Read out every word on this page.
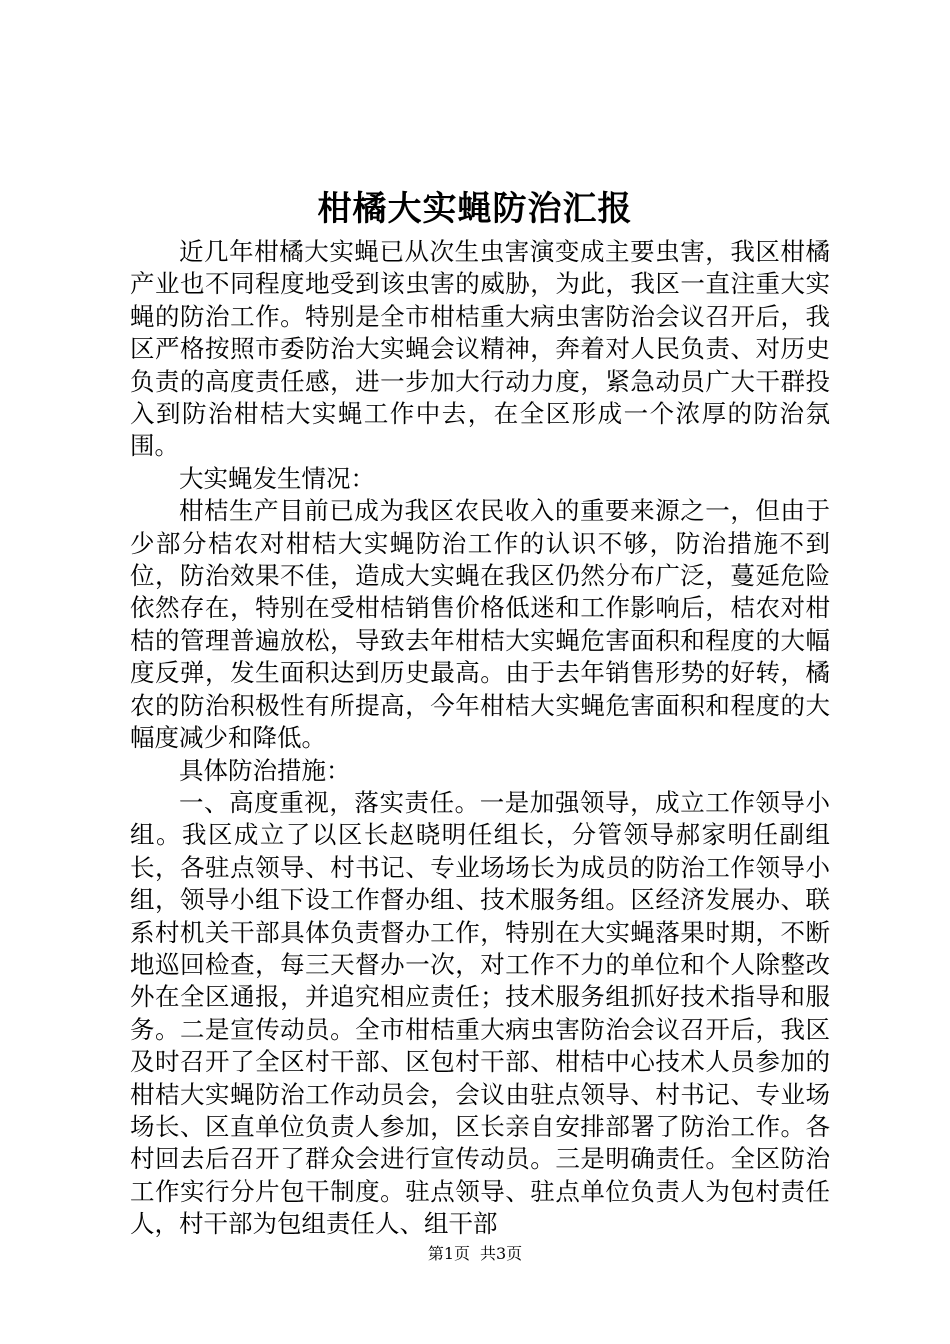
柑橘大实蝇防治汇报

近几年柑橘大实蝇已从次生虫害演变成主要虫害，我区柑橘产业也不同程度地受到该虫害的威胁，为此，我区一直注重大实蝇的防治工作。特别是全市柑桔重大病虫害防治会议召开后，我区严格按照市委防治大实蝇会议精神，奔着对人民负责、对历史负责的高度责任感，进一步加大行动力度，紧急动员广大干群投入到防治柑桔大实蝇工作中去，在全区形成一个浓厚的防治氛围。

大实蝇发生情况：

柑桔生产目前已成为我区农民收入的重要来源之一，但由于少部分桔农对柑桔大实蝇防治工作的认识不够，防治措施不到位，防治效果不佳，造成大实蝇在我区仍然分布广泛，蔓延危险依然存在，特别在受柑桔销售价格低迷和工作影响后，桔农对柑桔的管理普遍放松，导致去年柑桔大实蝇危害面积和程度的大幅度反弹，发生面积达到历史最高。由于去年销售形势的好转，橘农的防治积极性有所提高，今年柑桔大实蝇危害面积和程度的大幅度减少和降低。

具体防治措施：

一、高度重视，落实责任。一是加强领导，成立工作领导小组。我区成立了以区长赵晓明任组长，分管领导郝家明任副组长，各驻点领导、村书记、专业场场长为成员的防治工作领导小组，领导小组下设工作督办组、技术服务组。区经济发展办、联系村机关干部具体负责督办工作，特别在大实蝇落果时期，不断地巡回检查，每三天督办一次，对工作不力的单位和个人除整改外在全区通报，并追究相应责任；技术服务组抓好技术指导和服务。二是宣传动员。全市柑桔重大病虫害防治会议召开后，我区及时召开了全区村干部、区包村干部、柑桔中心技术人员参加的柑桔大实蝇防治工作动员会，会议由驻点领导、村书记、专业场场长、区直单位负责人参加，区长亲自安排部署了防治工作。各村回去后召开了群众会进行宣传动员。三是明确责任。全区防治工作实行分片包干制度。驻点领导、驻点单位负责人为包村责任人，村干部为包组责任人、组干部

第1页 共3页
